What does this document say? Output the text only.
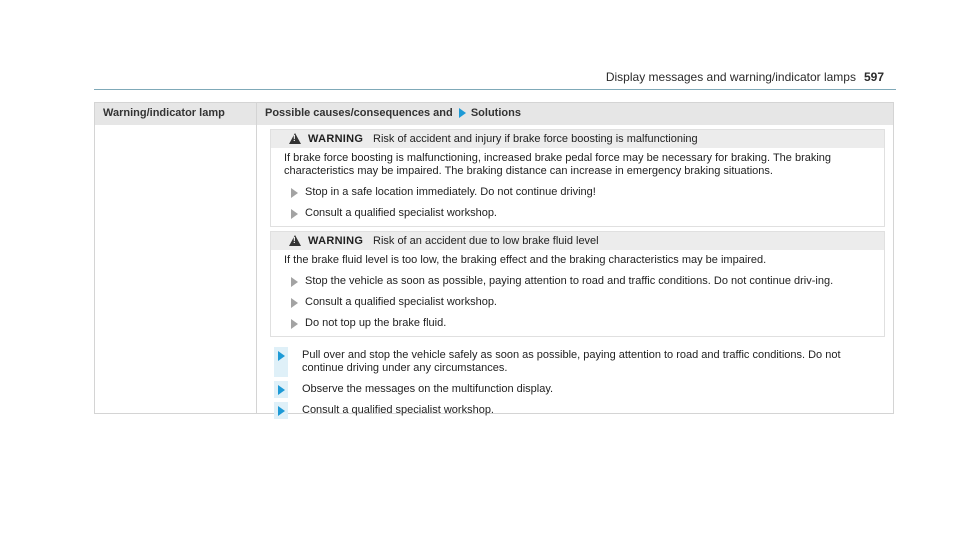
Display messages and warning/indicator lamps 597
Warning/indicator lamp	Possible causes/consequences and Solutions
!
WARNING Risk of accident and injury if brake force boosting is malfunctioning

If brake force boosting is malfunctioning, increased brake pedal force may be necessary for braking. The braking characteristics may be impaired. The braking distance can increase in emergency braking situations.

Stop in a safe location immediately. Do not continue driving!
Consult a qualified specialist workshop.
!
WARNING Risk of an accident due to low brake fluid level

If the brake fluid level is too low, the braking effect and the braking characteristics may be impaired.

Stop the vehicle as soon as possible, paying attention to road and traffic conditions. Do not continue driv-ing.
Consult a qualified specialist workshop.
Do not top up the brake fluid.
Pull over and stop the vehicle safely as soon as possible, paying attention to road and traffic conditions. Do not continue driving under any circumstances.
Observe the messages on the multifunction display.
Consult a qualified specialist workshop.
